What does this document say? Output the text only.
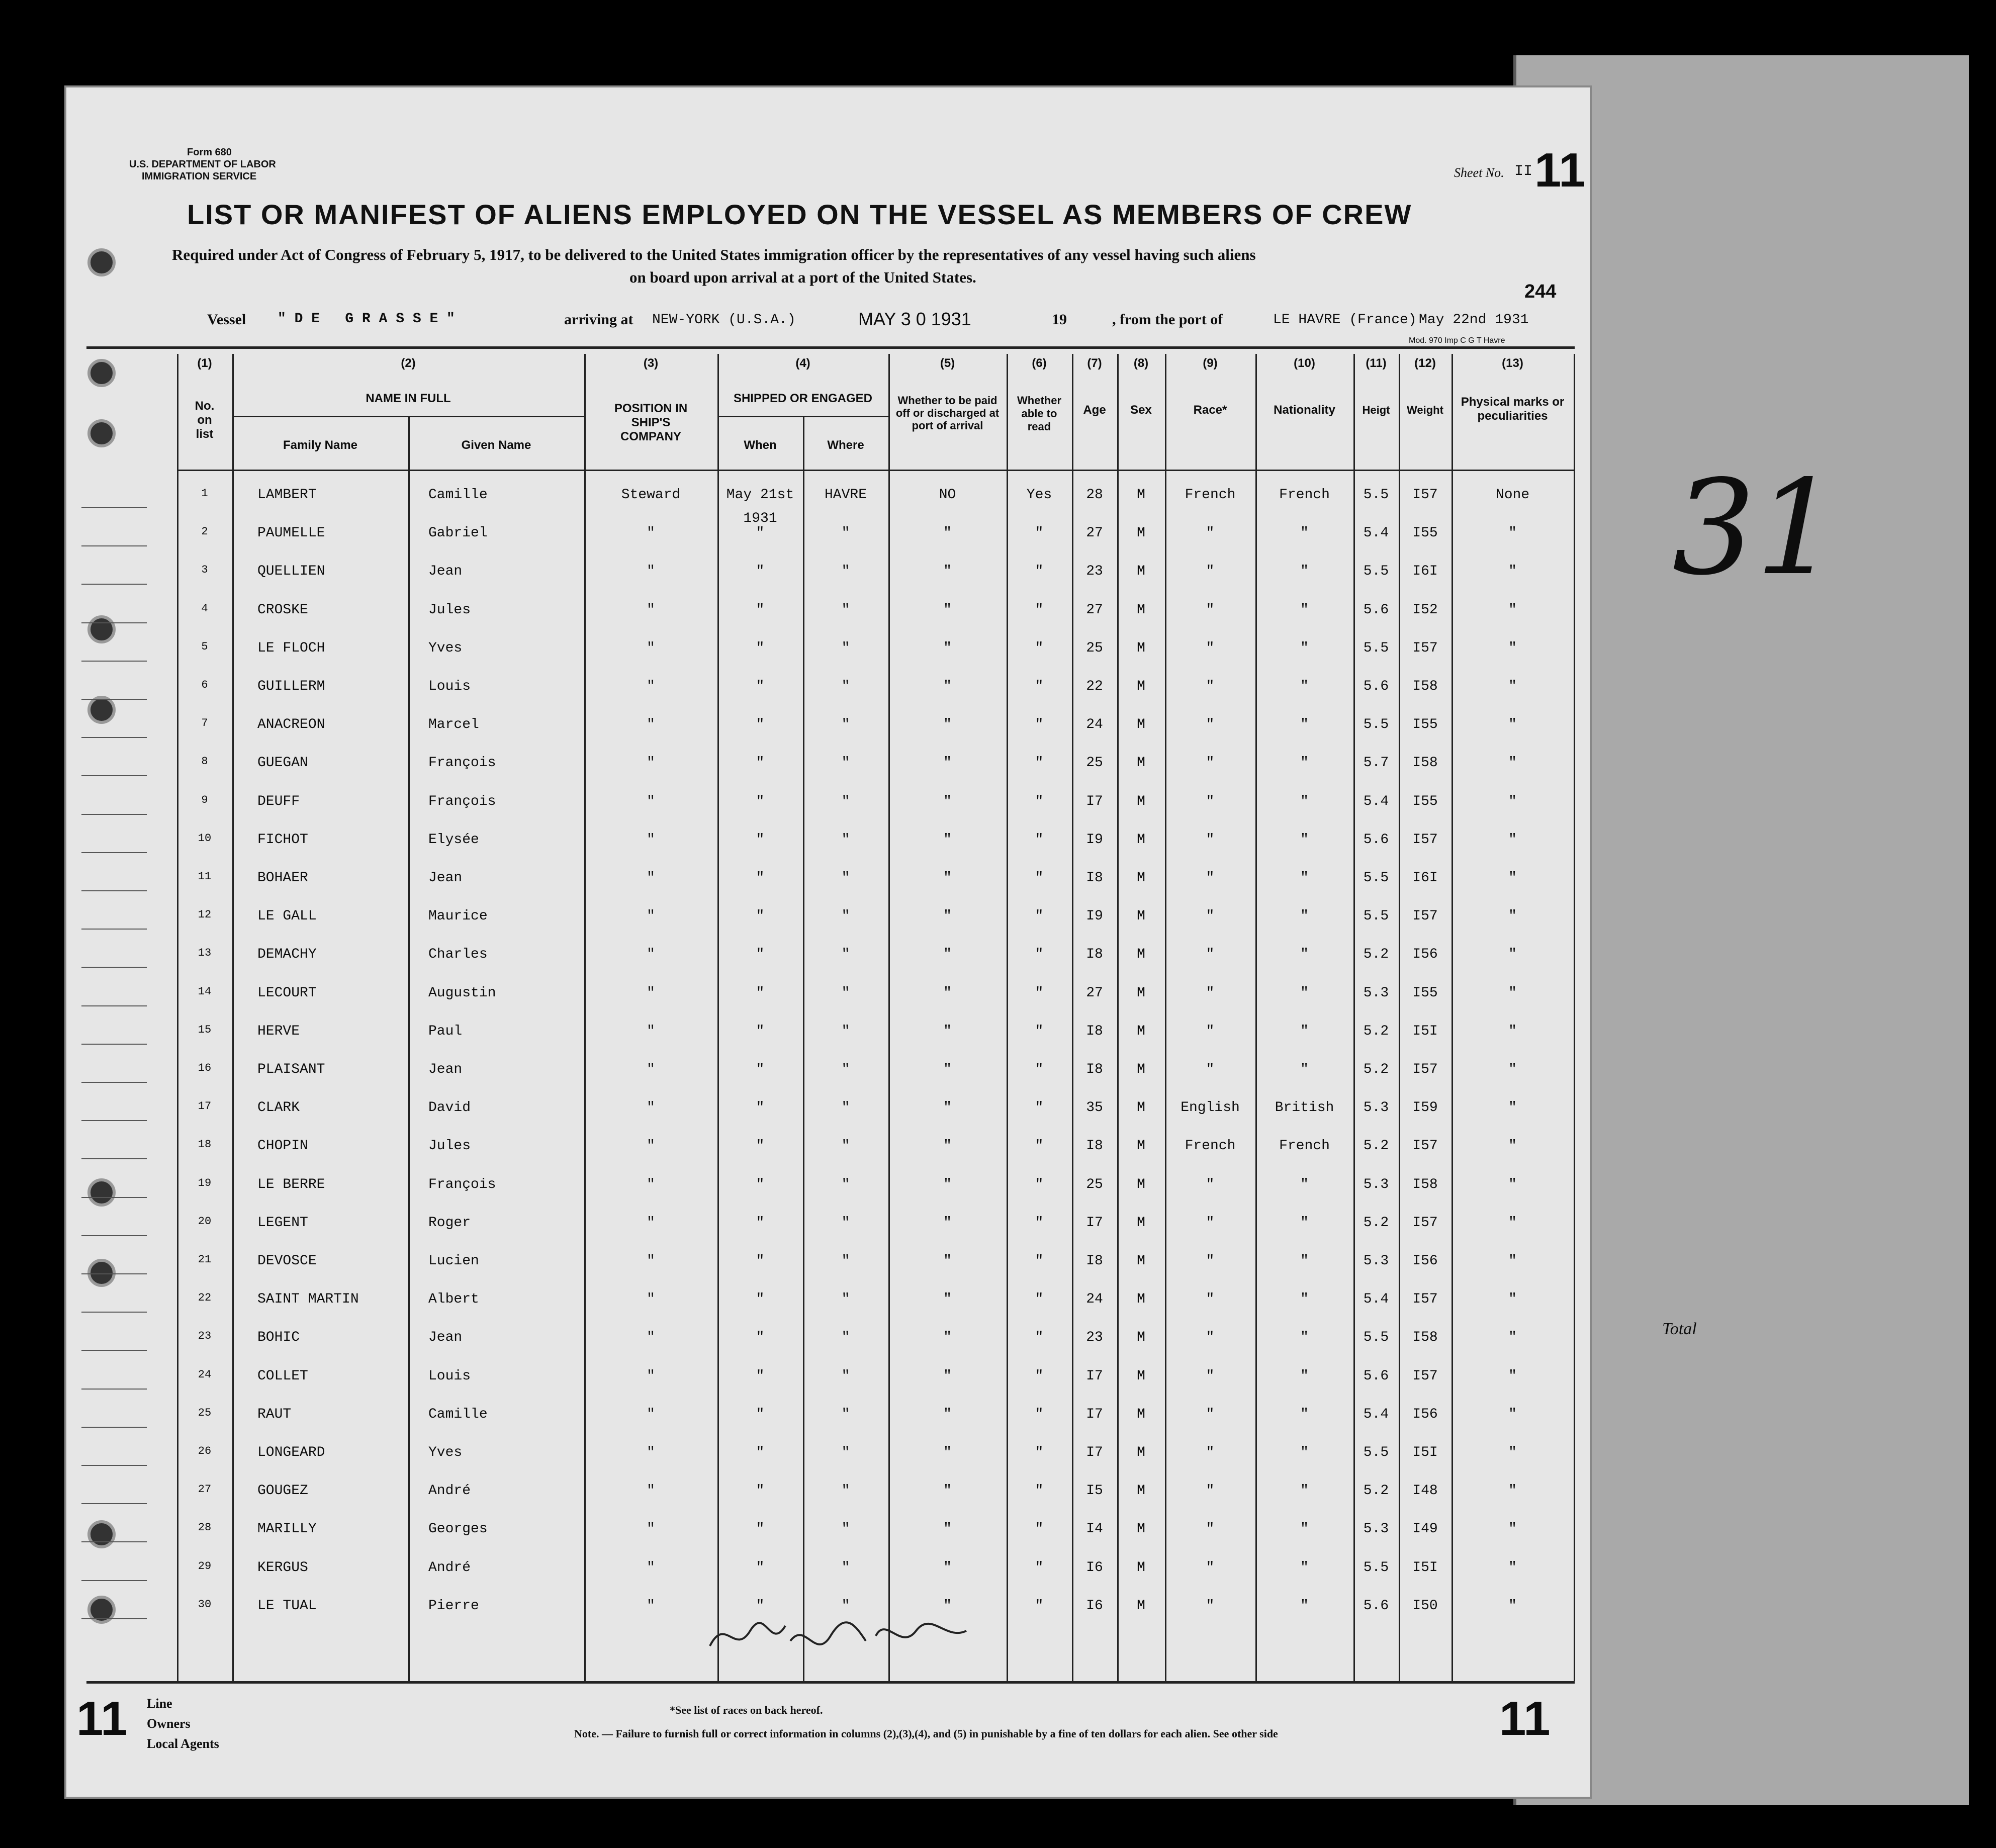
31
Total
Form 680
U.S. DEPARTMENT OF LABOR
IMMIGRATION SERVICE	Sheet No. II 11
LIST OR MANIFEST OF ALIENS EMPLOYED ON THE VESSEL AS MEMBERS OF CREW
Required under Act of Congress of February 5, 1917, to be delivered to the United States immigration officer by the representatives of any vessel having such aliens
on board upon arrival at a port of the United States.
244
Vessel " D E   G R A S S E "	arriving at NEW-YORK (U.S.A.)	MAY 3 0 1931	19	, from the port of	LE HAVRE (France) May 22nd 1931
Mod. 970 Imp C G T Havre
(1)
No. on list
(2)
NAME IN FULL
Family Name	Given Name
(3)
POSITION IN SHIP'S COMPANY
(4)
SHIPPED OR ENGAGED
When	Where
(5)
Whether to be paid off or discharged at port of arrival
(6)
Whether able to read
(7)
Age
(8)
Sex
(9)
Race*
(10)
Nationality
(11)
Heigt
(12)
Weight
(13)
Physical marks or peculiarities
1	LAMBERT	Camille	Steward	May 21st	HAVRE	NO	Yes	28	M	French	French	5.5	I57	None
2	PAUMELLE	Gabriel	"	"	"	"	"	27	M	"	"	5.4	I55	"
3	QUELLIEN	Jean	"	"	"	"	"	23	M	"	"	5.5	I6I	"
4	CROSKE	Jules	"	"	"	"	"	27	M	"	"	5.6	I52	"
5	LE FLOCH	Yves	"	"	"	"	"	25	M	"	"	5.5	I57	"
6	GUILLERM	Louis	"	"	"	"	"	22	M	"	"	5.6	I58	"
7	ANACREON	Marcel	"	"	"	"	"	24	M	"	"	5.5	I55	"
8	GUEGAN	François	"	"	"	"	"	25	M	"	"	5.7	I58	"
9	DEUFF	François	"	"	"	"	"	I7	M	"	"	5.4	I55	"
10	FICHOT	Elysée	"	"	"	"	"	I9	M	"	"	5.6	I57	"
11	BOHAER	Jean	"	"	"	"	"	I8	M	"	"	5.5	I6I	"
12	LE GALL	Maurice	"	"	"	"	"	I9	M	"	"	5.5	I57	"
13	DEMACHY	Charles	"	"	"	"	"	I8	M	"	"	5.2	I56	"
14	LECOURT	Augustin	"	"	"	"	"	27	M	"	"	5.3	I55	"
15	HERVE	Paul	"	"	"	"	"	I8	M	"	"	5.2	I5I	"
16	PLAISANT	Jean	"	"	"	"	"	I8	M	"	"	5.2	I57	"
17	CLARK	David	"	"	"	"	"	35	M	English	British	5.3	I59	"
18	CHOPIN	Jules	"	"	"	"	"	I8	M	French	French	5.2	I57	"
19	LE BERRE	François	"	"	"	"	"	25	M	"	"	5.3	I58	"
20	LEGENT	Roger	"	"	"	"	"	I7	M	"	"	5.2	I57	"
21	DEVOSCE	Lucien	"	"	"	"	"	I8	M	"	"	5.3	I56	"
22	SAINT MARTIN	Albert	"	"	"	"	"	24	M	"	"	5.4	I57	"
23	BOHIC	Jean	"	"	"	"	"	23	M	"	"	5.5	I58	"
24	COLLET	Louis	"	"	"	"	"	I7	M	"	"	5.6	I57	"
25	RAUT	Camille	"	"	"	"	"	I7	M	"	"	5.4	I56	"
26	LONGEARD	Yves	"	"	"	"	"	I7	M	"	"	5.5	I5I	"
27	GOUGEZ	André	"	"	"	"	"	I5	M	"	"	5.2	I48	"
28	MARILLY	Georges	"	"	"	"	"	I4	M	"	"	5.3	I49	"
29	KERGUS	André	"	"	"	"	"	I6	M	"	"	5.5	I5I	"
30	LE TUAL	Pierre	"	"	"	"	"	I6	M	"	"	5.6	I50	"
1931
11	11
Line
Owners
Local Agents
*See list of races on back hereof.
Note. — Failure to furnish full or correct information in columns (2),(3),(4), and (5) in punishable by a fine of ten dollars for each alien. See other side
